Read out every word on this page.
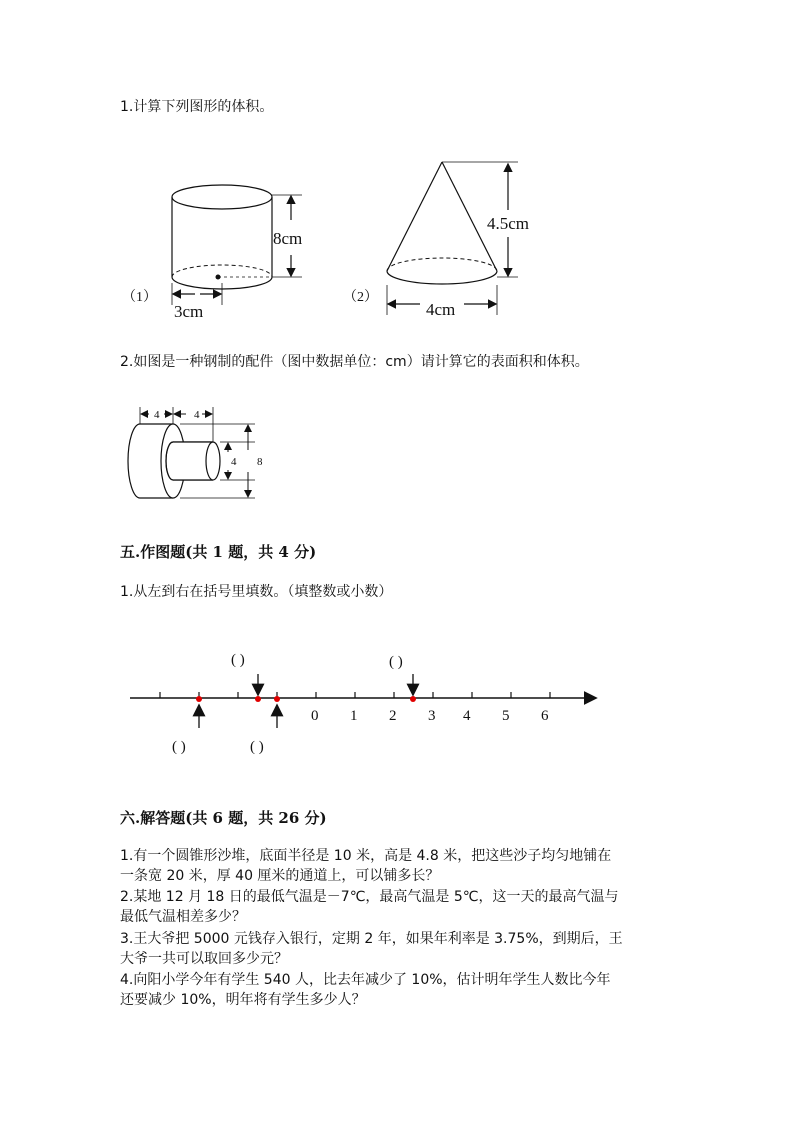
1.计算下列图形的体积。
（1）
8cm
3cm
（2）
4.5cm
4cm
2.如图是一种钢制的配件（图中数据单位：cm）请计算它的表面积和体积。
4	4
4 8
五.作图题(共 1 题，共 4 分)
1.从左到右在括号里填数。（填整数或小数）
0 1 2 3 4 5 6
( )	( )
( )	( )
六.解答题(共 6 题，共 26 分)
1.有一个圆锥形沙堆，底面半径是 10 米，高是 4.8 米，把这些沙子均匀地铺在
一条宽 20 米，厚 40 厘米的通道上，可以铺多长？
2.某地 12 月 18 日的最低气温是－7℃，最高气温是 5℃，这一天的最高气温与
最低气温相差多少？
3.王大爷把 5000 元钱存入银行，定期 2 年，如果年利率是 3.75%，到期后，王
大爷一共可以取回多少元？
4.向阳小学今年有学生 540 人，比去年减少了 10%，估计明年学生人数比今年
还要减少 10%，明年将有学生多少人？
